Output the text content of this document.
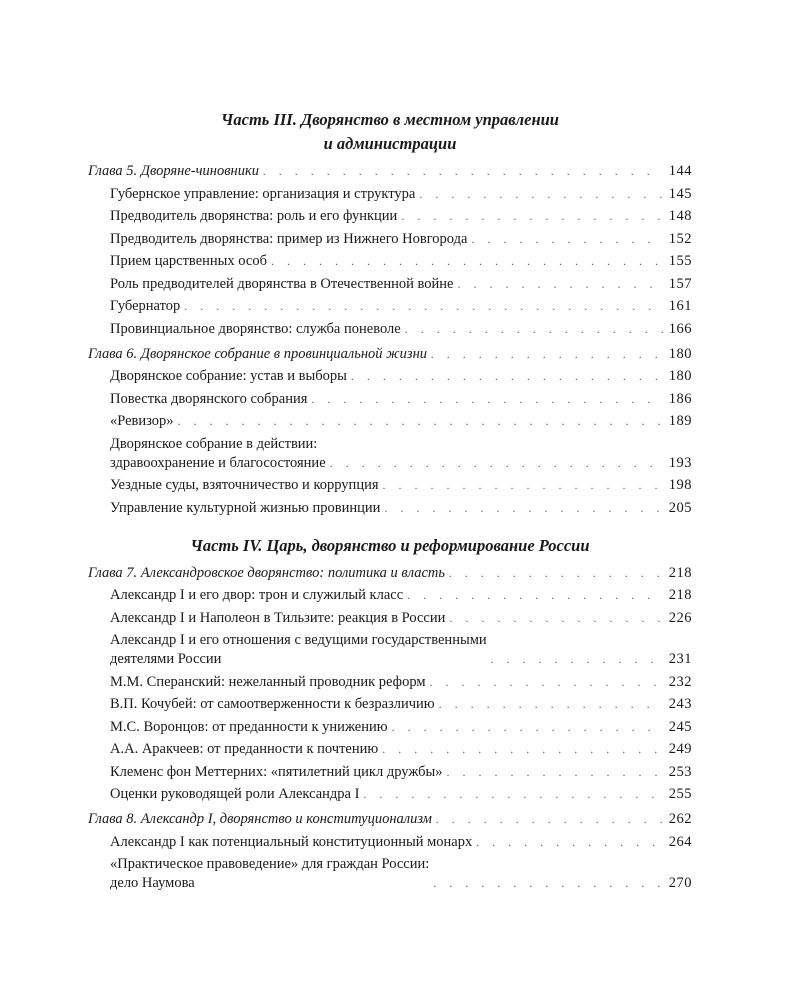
Часть III. Дворянство в местном управлении
и администрации
Глава 5. Дворяне-чиновники . . .	144
Губернское управление: организация и структура . . .	145
Предводитель дворянства: роль и его функции . . .	148
Предводитель дворянства: пример из Нижнего Новгорода . . .	152
Прием царственных особ . . .	155
Роль предводителей дворянства в Отечественной войне . . .	157
Губернатор . . .	161
Провинциальное дворянство: служба поневоле . . .	166
Глава 6. Дворянское собрание в провинциальной жизни . . .	180
Дворянское собрание: устав и выборы . . .	180
Повестка дворянского собрания . . .	186
«Ревизор» . . .	189
Дворянское собрание в действии:
здравоохранение и благосостояние . . .	193
Уездные суды, взяточничество и коррупция . . .	198
Управление культурной жизнью провинции . . .	205
Часть IV. Царь, дворянство и реформирование России
Глава 7. Александровское дворянство: политика и власть . . .	218
Александр I и его двор: трон и служилый класс . . .	218
Александр I и Наполеон в Тильзите: реакция в России . . .	226
Александр I и его отношения с ведущими государственными
деятелями России . . .	231
М.М. Сперанский: нежеланный проводник реформ . . .	232
В.П. Кочубей: от самоотверженности к безразличию . . .	243
М.С. Воронцов: от преданности к унижению . . .	245
А.А. Аракчеев: от преданности к почтению . . .	249
Клеменс фон Меттерних: «пятилетний цикл дружбы» . . .	253
Оценки руководящей роли Александра I . . .	255
Глава 8. Александр I, дворянство и конституционализм . . .	262
Александр I как потенциальный конституционный монарх . . .	264
«Практическое правоведение» для граждан России:
дело Наумова . . .	270
